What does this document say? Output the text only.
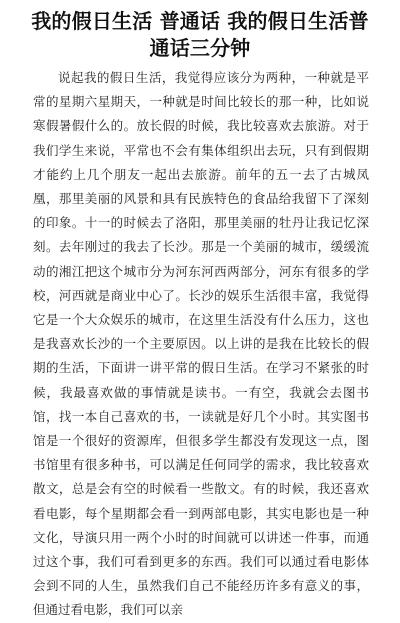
我的假日生活 普通话 我的假日生活普通话三分钟

说起我的假日生活，我觉得应该分为两种，一种就是平常的星期六星期天，一种就是时间比较长的那一种，比如说寒假暑假什么的。放长假的时候，我比较喜欢去旅游。对于我们学生来说，平常也不会有集体组织出去玩，只有到假期才能约上几个朋友一起出去旅游。前年的五一去了古城凤凰，那里美丽的风景和具有民族特色的食品给我留下了深刻的印象。十一的时候去了洛阳，那里美丽的牡丹让我记忆深刻。去年刚过的我去了长沙。那是一个美丽的城市，缓缓流动的湘江把这个城市分为河东河西两部分，河东有很多的学校，河西就是商业中心了。长沙的娱乐生活很丰富，我觉得它是一个大众娱乐的城市，在这里生活没有什么压力，这也是我喜欢长沙的一个主要原因。以上讲的是我在比较长的假期的生活，下面讲一讲平常的假日生活。在学习不紧张的时候，我最喜欢做的事情就是读书。一有空，我就会去图书馆，找一本自己喜欢的书，一读就是好几个小时。其实图书馆是一个很好的资源库，但很多学生都没有发现这一点，图书馆里有很多种书，可以满足任何同学的需求，我比较喜欢散文，总是会有空的时候看一些散文。有的时候，我还喜欢看电影，每个星期都会看一到两部电影，其实电影也是一种文化，导演只用一两个小时的时间就可以讲述一件事，而通过这个事，我们可看到更多的东西。我们可以通过看电影体会到不同的人生，虽然我们自己不能经历许多有意义的事，但通过看电影，我们可以亲
